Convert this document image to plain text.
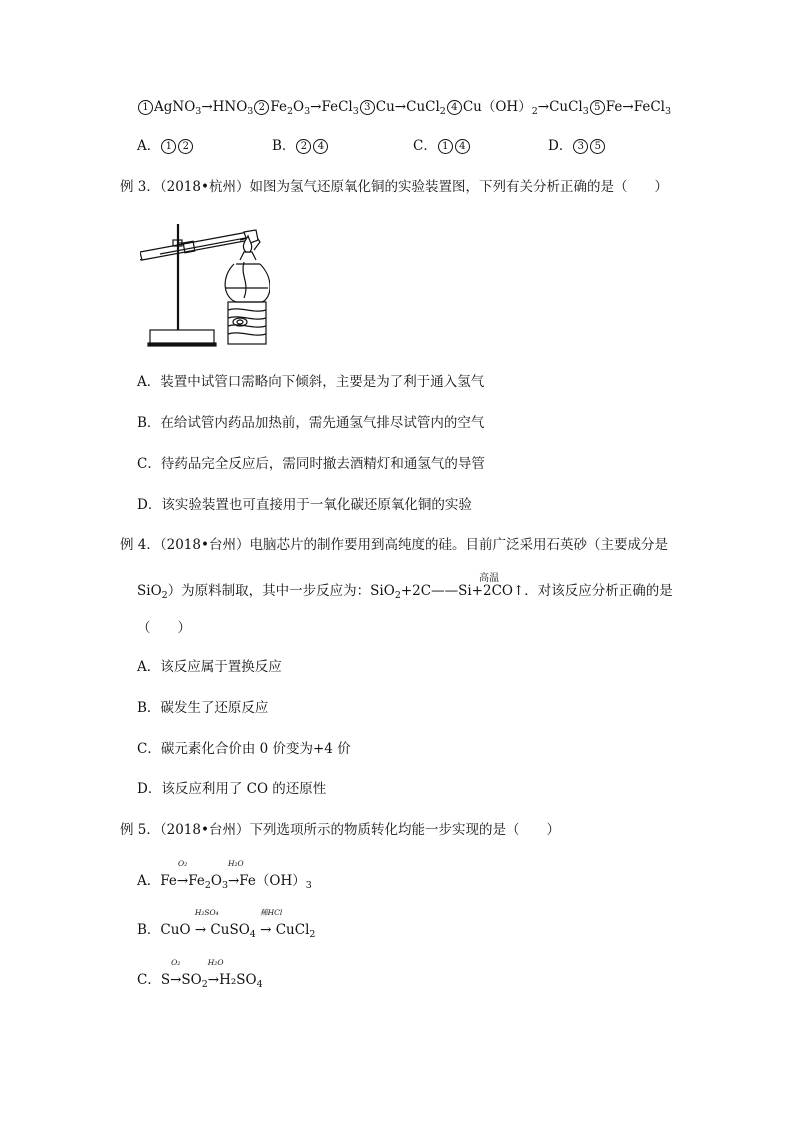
1 $AgNO_3\to HNO_3$ 2 $Fe_2O_3\to FeCl_3$ 3 Cu→CuCl$_2$ 4 $Cu(OH)_2\to CuCl_3$ 5 Fe→FeCl$_3$
A． 1 2	B． 2 4	C． 1 4	D． 3 5
例 3．（2018•杭州）如图为氢气还原氧化铜的实验装置图，下列有关分析正确的是（　　）
A．装置中试管口需略向下倾斜，主要是为了利于通入氢气
B．在给试管内药品加热前，需先通氢气排尽试管内的空气
C．待药品完全反应后，需同时撤去酒精灯和通氢气的导管
D．该实验装置也可直接用于一氧化碳还原氧化铜的实验
例 4．（2018•台州）电脑芯片的制作要用到高纯度的硅。目前广泛采用石英砂（主要成分是
SiO$_2$）为原料制取，其中一步反应为：SiO$_2$+2C
高温
——Si+2CO↑．对该反应分析正确的是
（　　）
A．该反应属于置换反应
B．碳发生了还原反应
C．碳元素化合价由 0 价变为+4 价
D．该反应利用了 CO 的还原性
例 5．（2018•台州）下列选项所示的物质转化均能一步实现的是（　　）
A．Fe
O₂
$\to Fe_2O_3$
H₂O
$\to Fe(OH)_3$
B．CuO
H₂SO₄
→ CuSO$_4$
稀HCl
→ CuCl$_2$
C．S
O₂
$\to SO_2$
H₂O
$\to H_2SO_4$
